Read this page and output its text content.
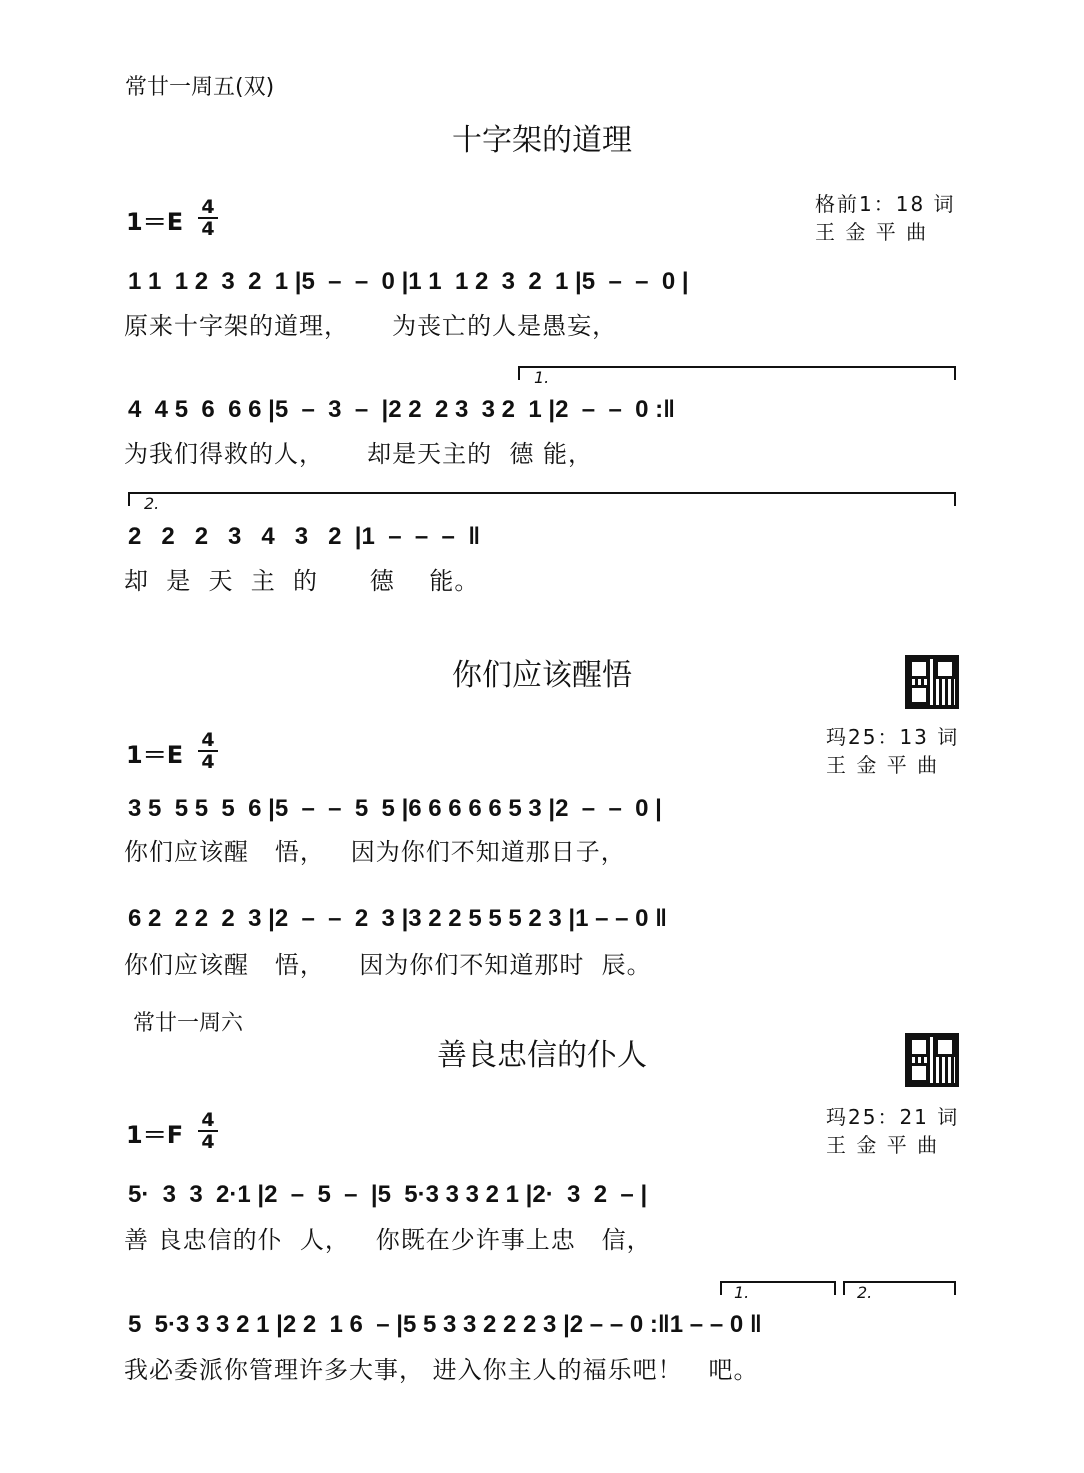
常廿一周五(双)
十字架的道理
1＝E
4
4
格前1：18 词
王 金 平 曲
1 1  1 2  3  2  1 |5  –  –  0 |1 1  1 2  3  2  1 |5  –  –  0 |
原来十字架的道理，     为丧亡的人是愚妄，
1.
4  4 5  6  6 6 |5  –  3  –  |2 2  2 3  3 2  1 |2  –  –  0 :‖
为我们得救的人，     却是天主的  德 能，
2.
2   2   2   3   4   3   2  |1  –  –  –  ‖
却  是  天  主  的      德    能。
你们应该醒悟
1＝E
4
4
玛25：13 词
王 金 平 曲
3 5  5 5  5  6 |5  –  –  5  5 |6 6 6 6 6 5 3 |2  –  –  0 |
你们应该醒   悟，   因为你们不知道那日子，
6 2  2 2  2  3 |2  –  –  2  3 |3 2 2 5 5 5 2 3 |1 – – 0 ‖
你们应该醒   悟，    因为你们不知道那时  辰。
常廿一周六
善良忠信的仆人
1＝F
4
4
玛25：21 词
王 金 平 曲
5·  3  3  2·1 |2  –  5  –  |5  5·3 3 3 2 1 |2·  3  2  – |
善 良忠信的仆  人，   你既在少许事上忠   信，
1.	2.
5  5·3 3 3 2 1 |2 2  1 6  – |5 5 3 3 2 2 2 3 |2 – – 0 :‖1 – – 0 ‖
我必委派你管理许多大事， 进入你主人的福乐吧！   吧。
